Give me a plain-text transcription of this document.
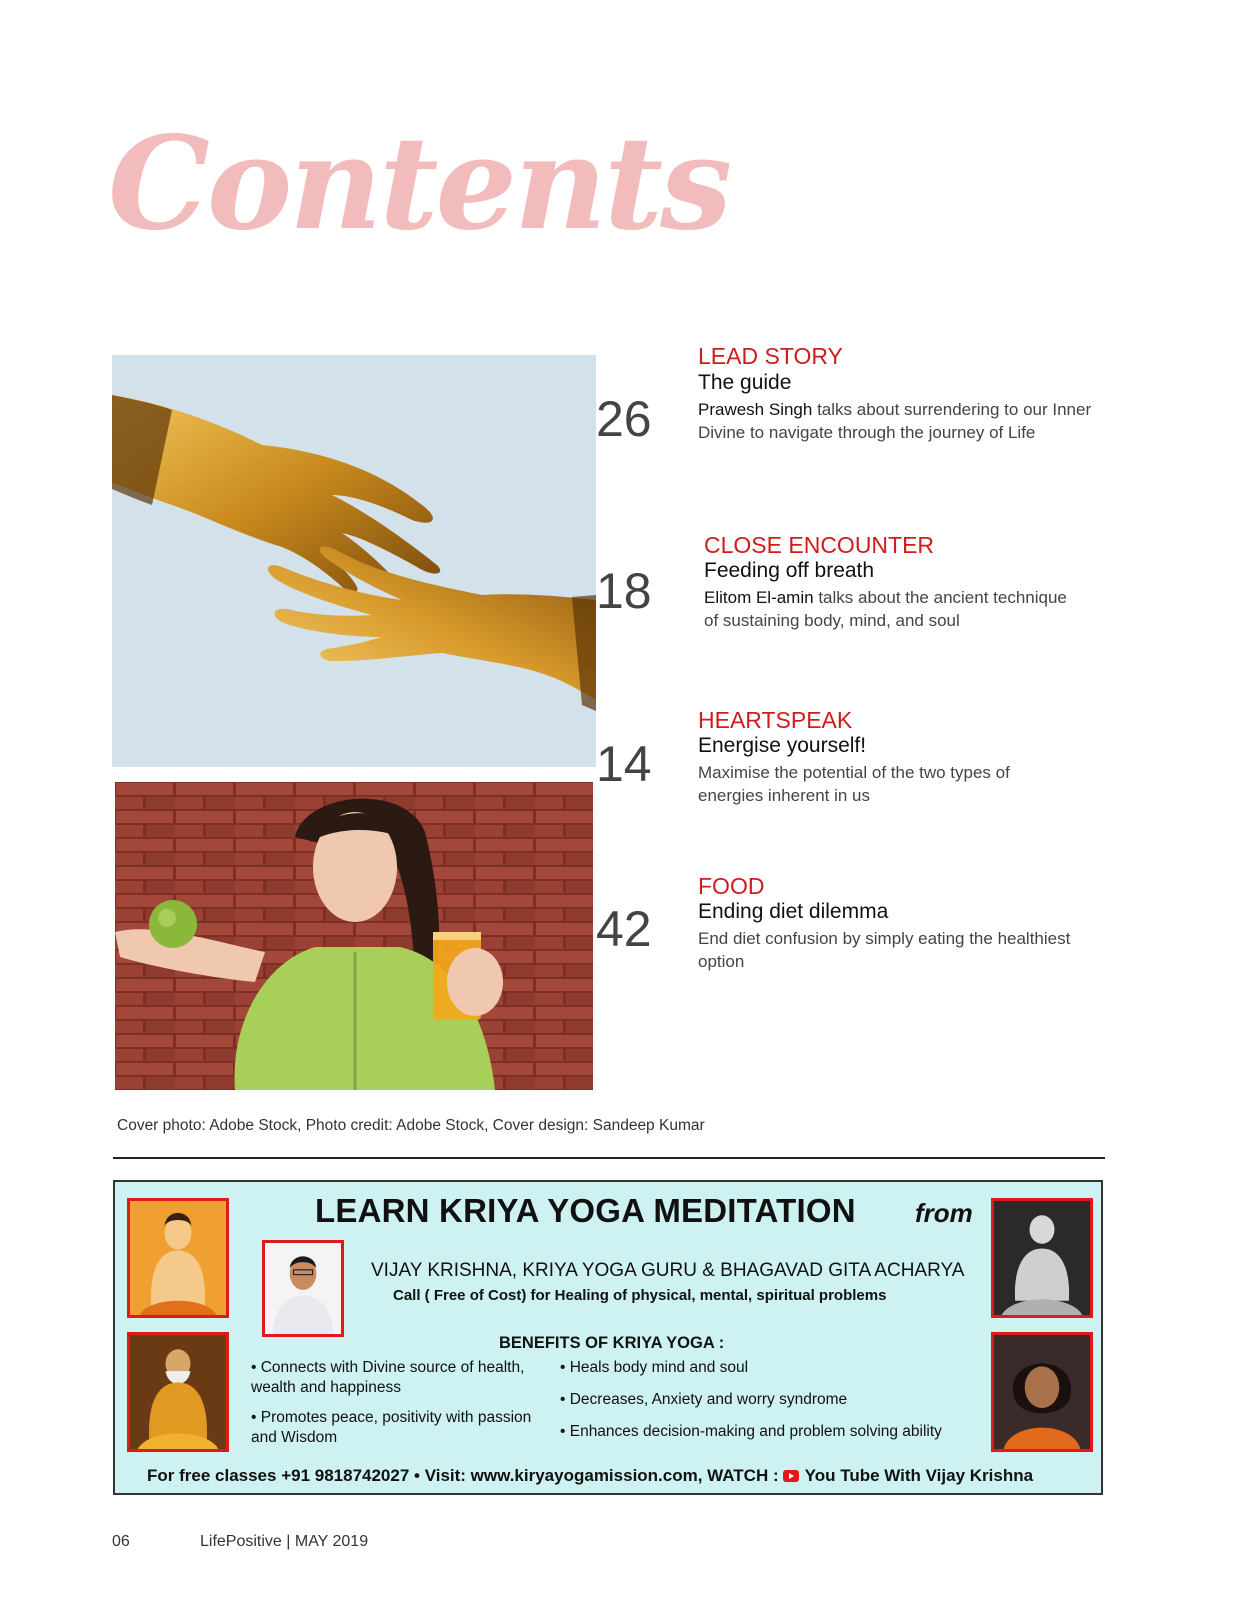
Contents
26
LEAD STORY
The guide
Prawesh Singh talks about surrendering to our Inner Divine to navigate through the journey of Life
18
CLOSE ENCOUNTER
Feeding off breath
Elitom El-amin talks about the ancient technique of sustaining body, mind, and soul
14
HEARTSPEAK
Energise yourself!
Maximise the potential of the two types of energies inherent in us
42
FOOD
Ending diet dilemma
End diet confusion by simply eating the healthiest option
Cover photo: Adobe Stock, Photo credit: Adobe Stock, Cover design: Sandeep Kumar
LEARN KRIYA YOGA MEDITATION from
VIJAY KRISHNA, KRIYA YOGA GURU & BHAGAVAD GITA ACHARYA
Call ( Free of Cost) for Healing of physical, mental, spiritual problems
BENEFITS OF KRIYA YOGA :
• Connects with Divine source of health, wealth and happiness
• Promotes peace, positivity with passion and Wisdom
• Heals body mind and soul
• Decreases, Anxiety and worry syndrome
• Enhances decision-making and problem solving ability
For free classes +91 9818742027 • Visit: www.kiryayogamission.com, WATCH : You Tube With Vijay Krishna
06	LifePositive | MAY 2019
